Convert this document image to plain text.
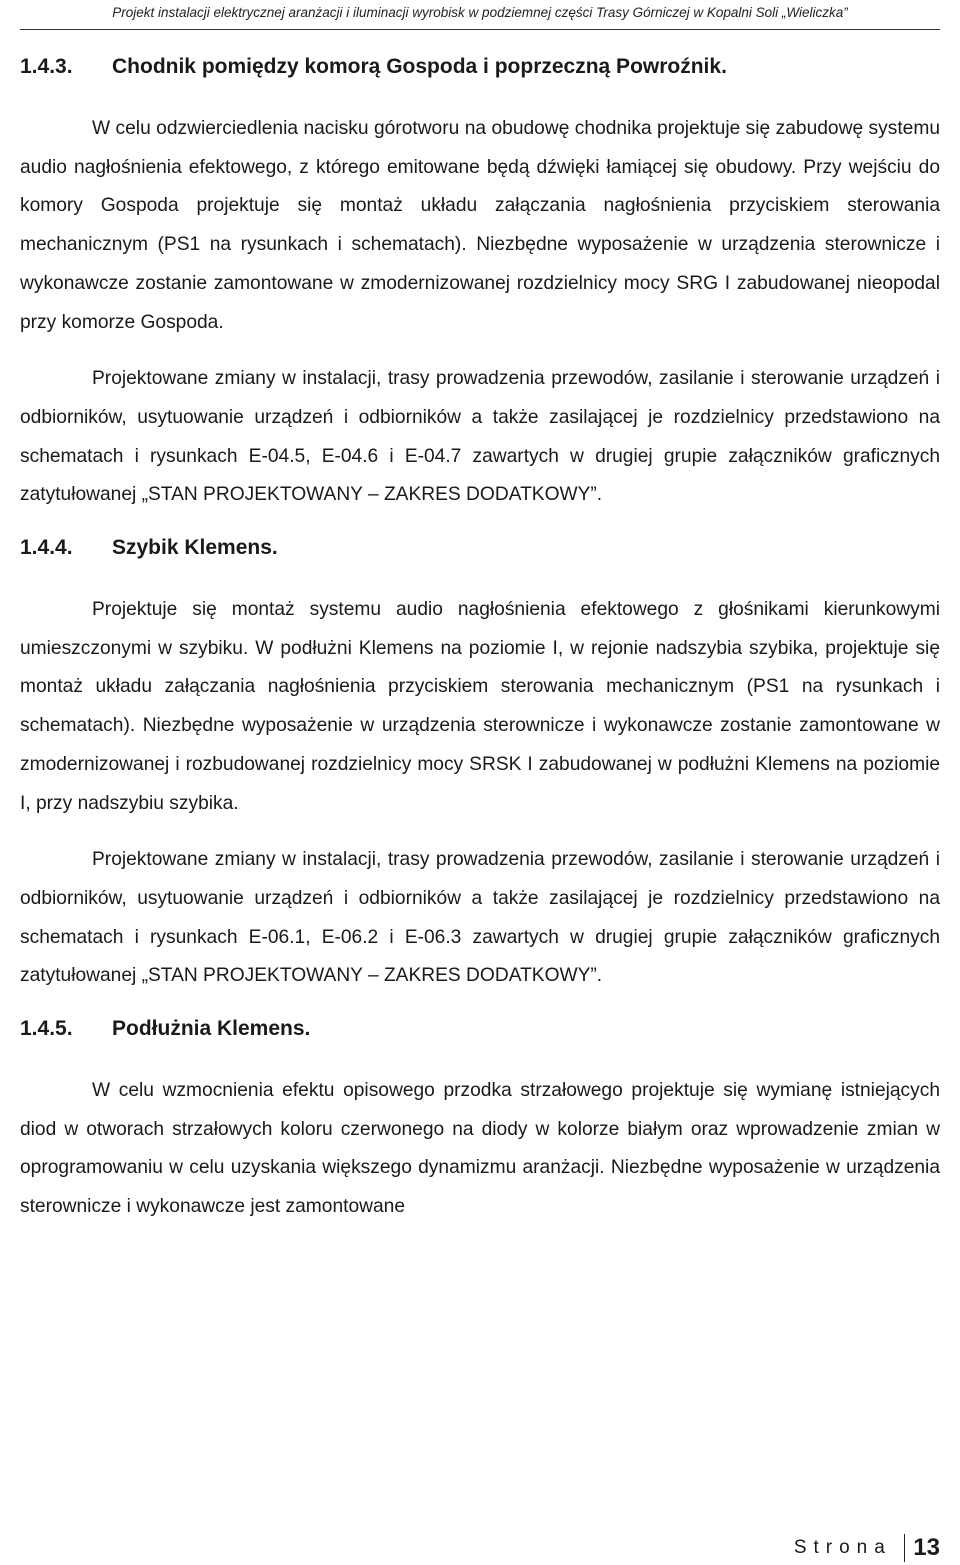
Projekt instalacji elektrycznej aranżacji i iluminacji wyrobisk w podziemnej części Trasy Górniczej w Kopalni Soli „Wieliczka”
1.4.3.	Chodnik pomiędzy komorą Gospoda i poprzeczną Powroźnik.

W celu odzwierciedlenia nacisku górotworu na obudowę chodnika projektuje się zabudowę systemu audio nagłośnienia efektowego, z którego emitowane będą dźwięki łamiącej się obudowy. Przy wejściu do komory Gospoda projektuje się montaż układu załączania nagłośnienia przyciskiem sterowania mechanicznym (PS1 na rysunkach i schematach). Niezbędne wyposażenie w urządzenia sterownicze i wykonawcze zostanie zamontowane w zmodernizowanej rozdzielnicy mocy SRG I zabudowanej nieopodal przy komorze Gospoda.

Projektowane zmiany w instalacji, trasy prowadzenia przewodów, zasilanie i sterowanie urządzeń i odbiorników, usytuowanie urządzeń i odbiorników a także zasilającej je rozdzielnicy przedstawiono na schematach i rysunkach E-04.5, E-04.6 i E-04.7 zawartych w drugiej grupie załączników graficznych zatytułowanej „STAN PROJEKTOWANY – ZAKRES DODATKOWY”.

1.4.4.	Szybik Klemens.

Projektuje się montaż systemu audio nagłośnienia efektowego z głośnikami kierunkowymi umieszczonymi w szybiku. W podłużni Klemens na poziomie I, w rejonie nadszybia szybika, projektuje się montaż układu załączania nagłośnienia przyciskiem sterowania mechanicznym (PS1 na rysunkach i schematach). Niezbędne wyposażenie w urządzenia sterownicze i wykonawcze zostanie zamontowane w zmodernizowanej i rozbudowanej rozdzielnicy mocy SRSK I zabudowanej w podłużni Klemens na poziomie I, przy nadszybiu szybika.

Projektowane zmiany w instalacji, trasy prowadzenia przewodów, zasilanie i sterowanie urządzeń i odbiorników, usytuowanie urządzeń i odbiorników a także zasilającej je rozdzielnicy przedstawiono na schematach i rysunkach E-06.1, E-06.2 i E-06.3 zawartych w drugiej grupie załączników graficznych zatytułowanej „STAN PROJEKTOWANY – ZAKRES DODATKOWY”.

1.4.5.	Podłużnia Klemens.

W celu wzmocnienia efektu opisowego przodka strzałowego projektuje się wymianę istniejących diod w otworach strzałowych koloru czerwonego na diody w kolorze białym oraz wprowadzenie zmian w oprogramowaniu w celu uzyskania większego dynamizmu aranżacji. Niezbędne wyposażenie w urządzenia sterownicze i wykonawcze jest zamontowane

Strona 13
